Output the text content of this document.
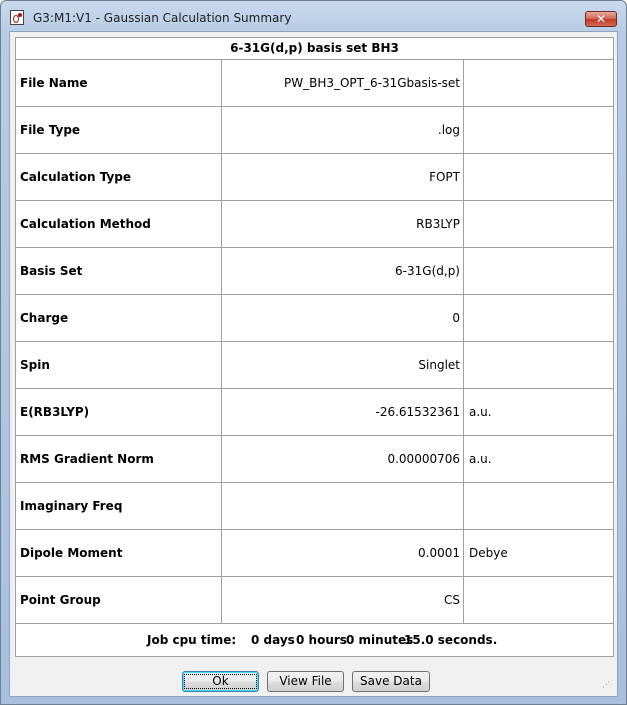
G3:M1:V1 - Gaussian Calculation Summary	✕
6-31G(d,p) basis set BH3
File Name	PW_BH3_OPT_6-31Gbasis-set
File Type	.log
Calculation Type	FOPT
Calculation Method	RB3LYP
Basis Set	6-31G(d,p)
Charge	0
Spin	Singlet
E(RB3LYP)	-26.61532361 a.u.
RMS Gradient Norm	0.00000706 a.u.
Imaginary Freq
Dipole Moment	0.0001 Debye
Point Group	CS
Job cpu time: 0 days 0 hours 0 minutes
15.0 seconds.
Ok	View File	Save Data	⋰
